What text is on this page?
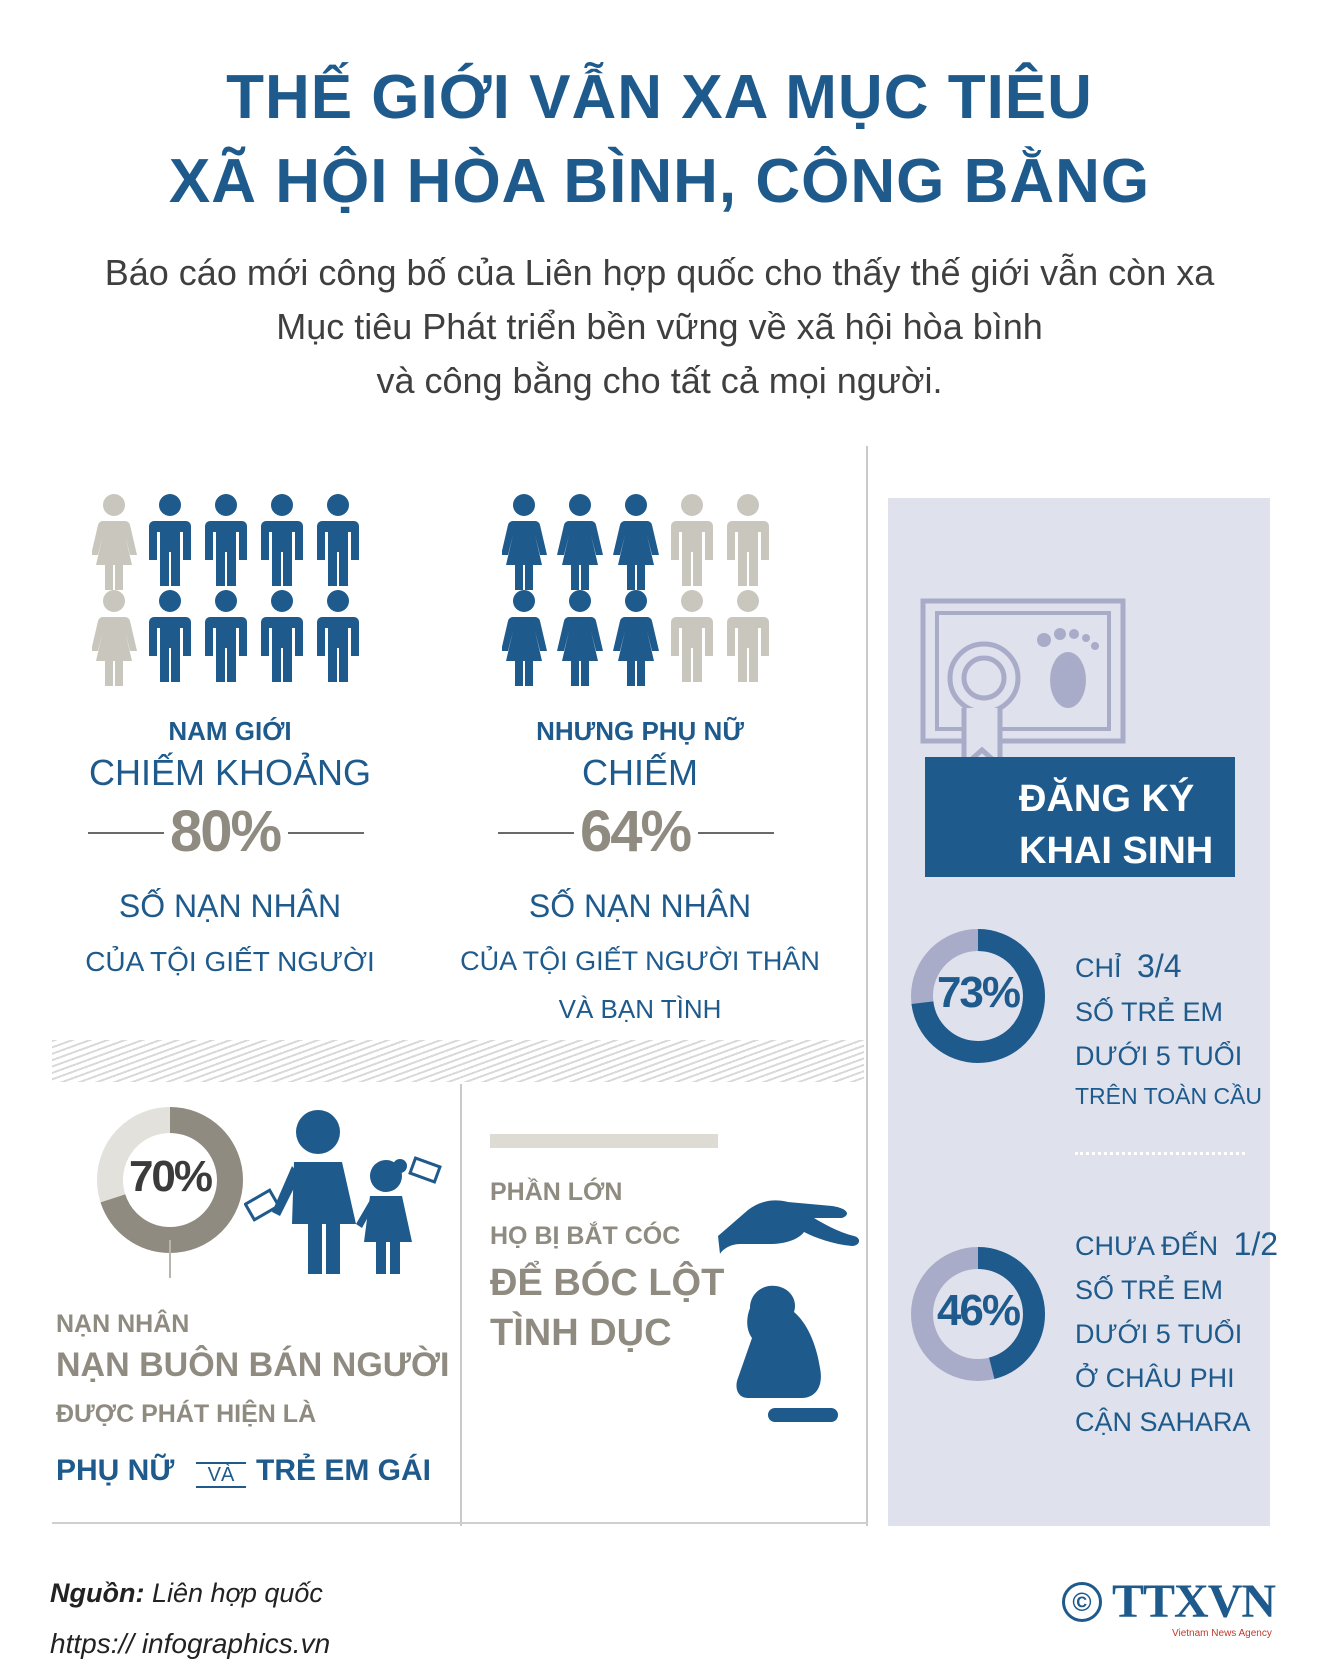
THẾ GIỚI VẪN XA MỤC TIÊU
XÃ HỘI HÒA BÌNH, CÔNG BẰNG
Báo cáo mới công bố của Liên hợp quốc cho thấy thế giới vẫn còn xa
Mục tiêu Phát triển bền vững về xã hội hòa bình
và công bằng cho tất cả mọi người.
NAM GIỚI
CHIẾM KHOẢNG
80%
SỐ NẠN NHÂN
CỦA TỘI GIẾT NGƯỜI
NHƯNG PHỤ NỮ
CHIẾM
64%
SỐ NẠN NHÂN
CỦA TỘI GIẾT NGƯỜI THÂN
VÀ BẠN TÌNH
70%
NẠN NHÂN
NẠN BUÔN BÁN NGƯỜI
ĐƯỢC PHÁT HIỆN LÀ
PHỤ NỮ	VÀ TRẺ EM GÁI
PHẦN LỚN
HỌ BỊ BẮT CÓC
ĐỂ BÓC LỘT
TÌNH DỤC
ĐĂNG KÝ
KHAI SINH
73%	CHỈ 3/4
SỐ TRẺ EM
DƯỚI 5 TUỔI
TRÊN TOÀN CẦU
46%
CHƯA ĐẾN 1/2
SỐ TRẺ EM
DƯỚI 5 TUỔI
Ở CHÂU PHI
CẬN SAHARA
Nguồn: Liên hợp quốc
https:// infographics.vn
© TTXVN
Vietnam News Agency
